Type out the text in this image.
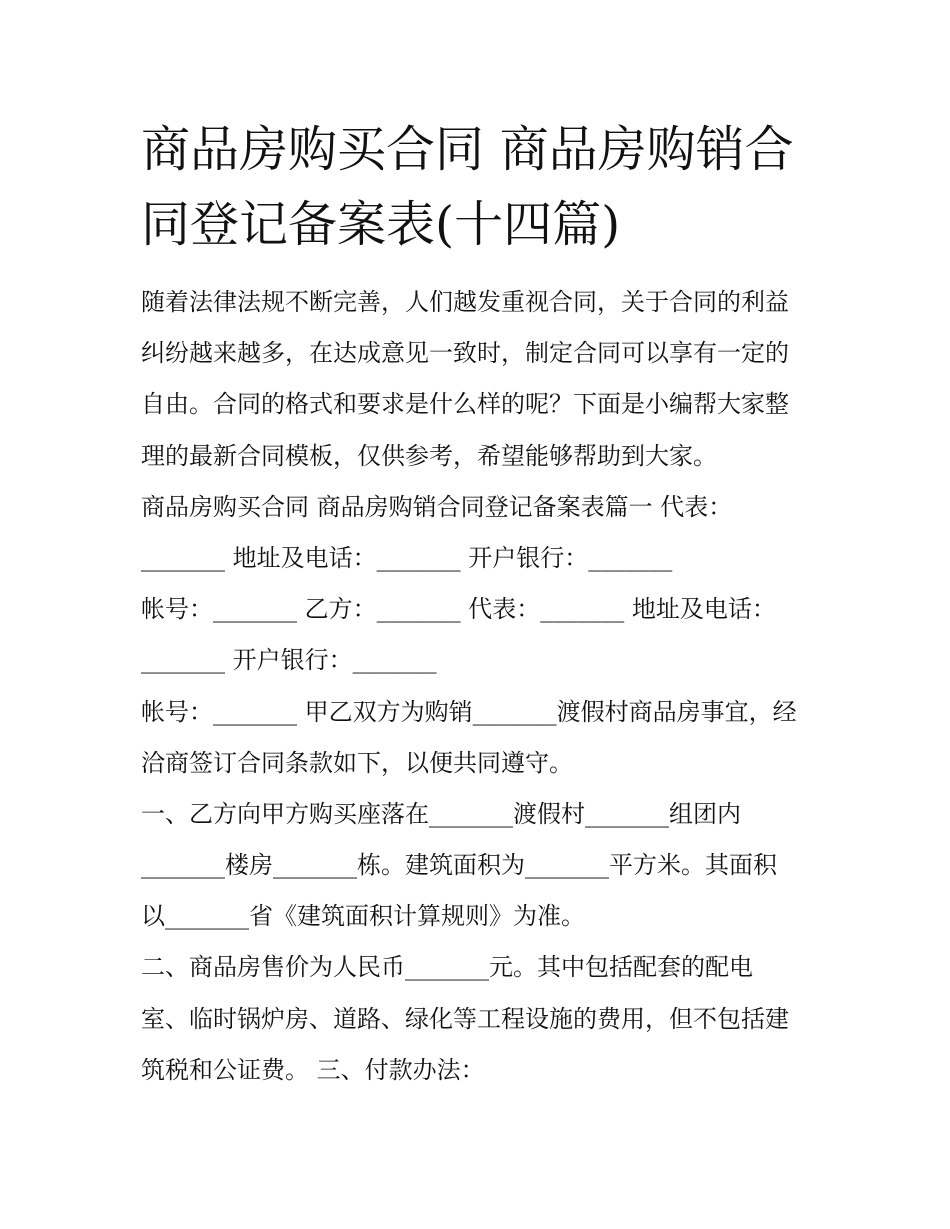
商品房购买合同 商品房购销合
同登记备案表(十四篇)
随着法律法规不断完善，人们越发重视合同，关于合同的利益
纠纷越来越多，在达成意见一致时，制定合同可以享有一定的
自由。合同的格式和要求是什么样的呢？下面是小编帮大家整
理的最新合同模板，仅供参考，希望能够帮助到大家。
商品房购买合同 商品房购销合同登记备案表篇一 代表：
_______ 地址及电话：_______ 开户银行：_______
帐号：_______ 乙方：_______ 代表：_______ 地址及电话：
_______ 开户银行：_______
帐号：_______ 甲乙双方为购销_______渡假村商品房事宜，经
洽商签订合同条款如下，以便共同遵守。
一、乙方向甲方购买座落在_______渡假村_______组团内
_______楼房_______栋。建筑面积为_______平方米。其面积
以_______省《建筑面积计算规则》为准。
二、商品房售价为人民币_______元。其中包括配套的配电
室、临时锅炉房、道路、绿化等工程设施的费用，但不包括建
筑税和公证费。 三、付款办法：
